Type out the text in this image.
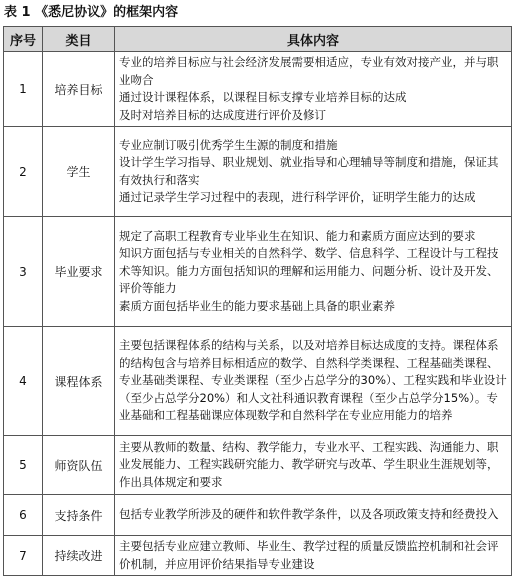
表 1 《悉尼协议》的框架内容
序号	类目	具体内容
1	培养目标	专业的培养目标应与社会经济发展需要相适应，专业有效对接产业，并与职业吻合
通过设计课程体系，以课程目标支撑专业培养目标的达成
及时对培养目标的达成度进行评价及修订

2	学生	专业应制订吸引优秀学生生源的制度和措施
设计学生学习指导、职业规划、就业指导和心理辅导等制度和措施，保证其有效执行和落实
通过记录学生学习过程中的表现，进行科学评价，证明学生能力的达成

3	毕业要求	规定了高职工程教育专业毕业生在知识、能力和素质方面应达到的要求
知识方面包括与专业相关的自然科学、数学、信息科学、工程设计与工程技术等知识。能力方面包括知识的理解和运用能力、问题分析、设计及开发、评价等能力
素质方面包括毕业生的能力要求基础上具备的职业素养

4	课程体系	主要包括课程体系的结构与关系，以及对培养目标达成度的支持。课程体系的结构包含与培养目标相适应的数学、自然科学类课程、工程基础类课程、专业基础类课程、专业类课程（至少占总学分的30%）、工程实践和毕业设计（至少占总学分20%）和人文社科通识教育课程（至少占总学分15%）。专业基础和工程基础课应体现数学和自然科学在专业应用能力的培养

5	师资队伍	主要从教师的数量、结构、教学能力，专业水平、工程实践、沟通能力、职业发展能力、工程实践研究能力、教学研究与改革、学生职业生涯规划等，作出具体规定和要求

6	支持条件	包括专业教学所涉及的硬件和软件教学条件，以及各项政策支持和经费投入

7	持续改进	主要包括专业应建立教师、毕业生、教学过程的质量反馈监控机制和社会评价机制，并应用评价结果指导专业建设
